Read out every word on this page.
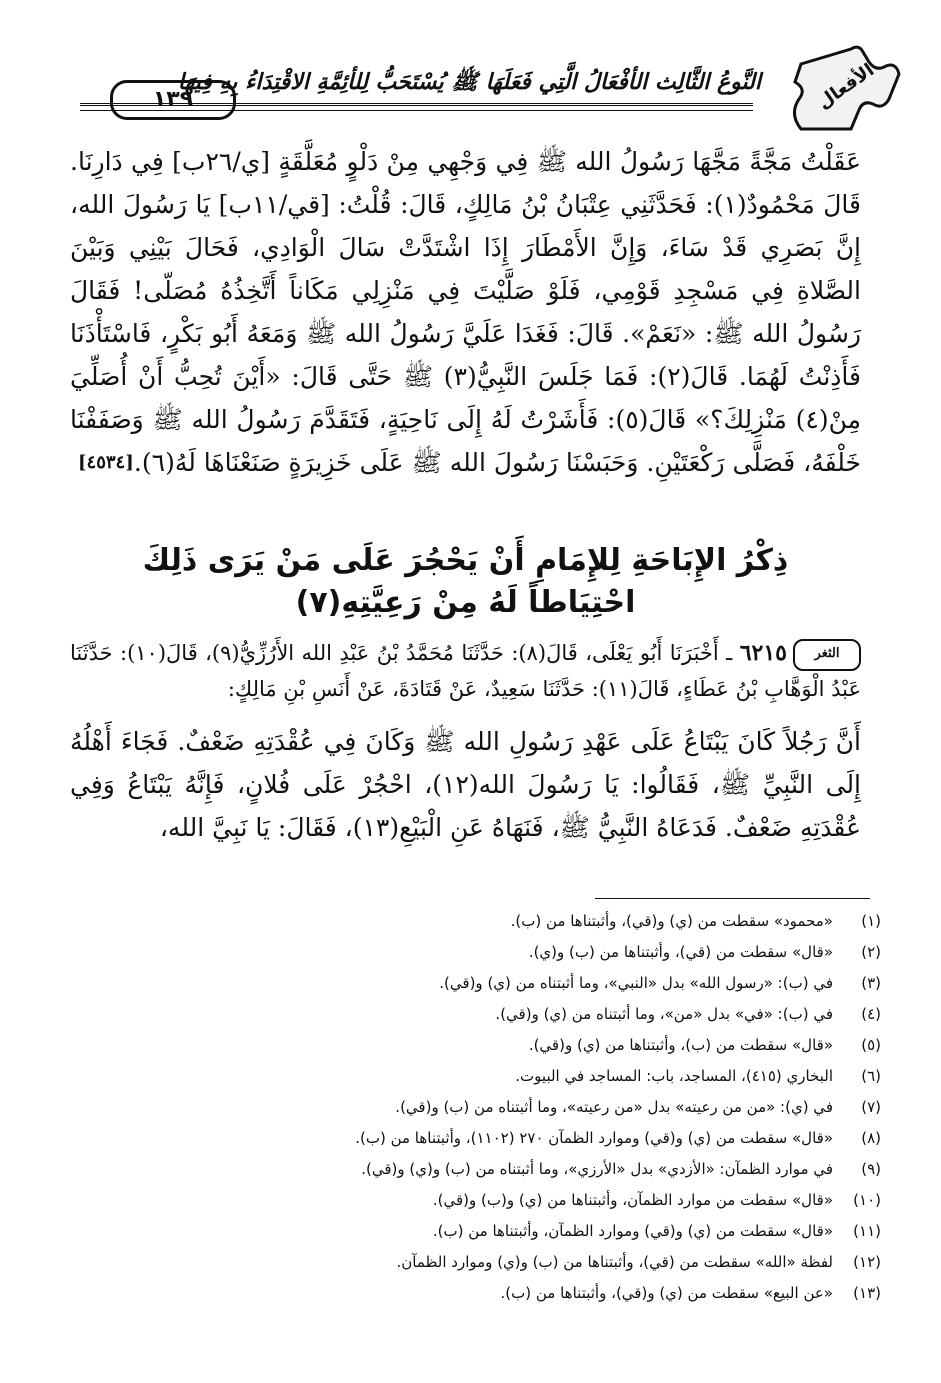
النَّوعُ الثَّالِث الأفْعَالُ الَّتِي فَعَلَهَا ﷺ يُسْتَحَبُّ لِلأئِمَّةِ الاقْتِدَاءُ بِهِ فِيهَا
١٣٩	الأفعال

عَقَلْتُ مَجَّةً مَجَّهَا رَسُولُ الله ﷺ فِي وَجْهِي مِنْ دَلْوٍ مُعَلَّقَةٍ [ي/٢٦ب] فِي دَارِنَا. قَالَ مَحْمُودٌ(١): فَحَدَّثَنِي عِتْبَانُ بْنُ مَالِكٍ، قَالَ: قُلْتُ: [قي/١١ب] يَا رَسُولَ الله، إِنَّ بَصَرِي قَدْ سَاءَ، وَإِنَّ الأَمْطَارَ إِذَا اشْتَدَّتْ سَالَ الْوَادِي، فَحَالَ بَيْنِي وَبَيْنَ الصَّلاةِ فِي مَسْجِدِ قَوْمِي، فَلَوْ صَلَّيْتَ فِي مَنْزِلِي مَكَاناً أَتَّخِذُهُ مُصَلّى! فَقَالَ رَسُولُ الله ﷺ: «نَعَمْ». قَالَ: فَغَدَا عَلَيَّ رَسُولُ الله ﷺ وَمَعَهُ أَبُو بَكْرٍ، فَاسْتَأْذَنَا فَأَذِنْتُ لَهُمَا. قَالَ(٢): فَمَا جَلَسَ النَّبِيُّ(٣) ﷺ حَتَّى قَالَ: «أَيْنَ تُحِبُّ أَنْ أُصَلِّيَ مِنْ(٤) مَنْزِلِكَ؟» قَالَ(٥): فَأَشَرْتُ لَهُ إِلَى نَاحِيَةٍ، فَتَقَدَّمَ رَسُولُ الله ﷺ وَصَفَفْنَا خَلْفَهُ، فَصَلَّى رَكْعَتَيْنِ. وَحَبَسْنَا رَسُولَ الله ﷺ عَلَى خَزِيرَةٍ صَنَعْنَاهَا لَهُ(٦).
[٤٥٣٤]

ذِكْرُ الإِبَاحَةِ لِلإِمَامِ أَنْ يَحْجُرَ عَلَى مَنْ يَرَى ذَلِكَ
احْتِيَاطاً لَهُ مِنْ رَعِيَّتِهِ(٧)
الثغر٦٢١٥ ـ أَخْبَرَنَا أَبُو يَعْلَى، قَالَ(٨): حَدَّثَنَا مُحَمَّدُ بْنُ عَبْدِ الله الأَرُزِّيُّ(٩)، قَالَ(١٠): حَدَّثَنَا عَبْدُ الْوَهَّابِ بْنُ عَطَاءٍ، قَالَ(١١): حَدَّثَنَا سَعِيدٌ، عَنْ قَتَادَةَ، عَنْ أَنَسِ بْنِ مَالِكٍ:
أَنَّ رَجُلاً كَانَ يَبْتَاعُ عَلَى عَهْدِ رَسُولِ الله ﷺ وَكَانَ فِي عُقْدَتِهِ ضَعْفٌ. فَجَاءَ أَهْلُهُ إِلَى النَّبِيِّ ﷺ، فَقَالُوا: يَا رَسُولَ الله(١٢)، احْجُرْ عَلَى فُلانٍ، فَإِنَّهُ يَبْتَاعُ وَفِي عُقْدَتِهِ ضَعْفٌ. فَدَعَاهُ النَّبِيُّ ﷺ، فَنَهَاهُ عَنِ الْبَيْعِ(١٣)، فَقَالَ: يَا نَبِيَّ الله،
(١)
«محمود» سقطت من (ي) و(قي)، وأثبتناها من (ب).
(٢)
«قال» سقطت من (قي)، وأثبتناها من (ب) و(ي).
(٣)
في (ب): «رسول الله» بدل «النبي»، وما أثبتناه من (ي) و(قي).
(٤)
في (ب): «في» بدل «من»، وما أثبتناه من (ي) و(قي).
(٥)
«قال» سقطت من (ب)، وأثبتناها من (ي) و(قي).
(٦)
البخاري (٤١٥)، المساجد، باب: المساجد في البيوت.
(٧)
في (ي): «من من رعيته» بدل «من رعيته»، وما أثبتناه من (ب) و(قي).
(٨)
«قال» سقطت من (ي) و(قي) وموارد الظمآن ٢٧٠ (١١٠٢)، وأثبتناها من (ب).
(٩)
في موارد الظمآن: «الأزدي» بدل «الأرزي»، وما أثبتناه من (ب) و(ي) و(قي).
(١٠)
«قال» سقطت من موارد الظمآن، وأثبتناها من (ي) و(ب) و(قي).
(١١)
«قال» سقطت من (ي) و(قي) وموارد الظمآن، وأثبتناها من (ب).
(١٢)
لفظة «الله» سقطت من (قي)، وأثبتناها من (ب) و(ي) وموارد الظمآن.
(١٣)
«عن البيع» سقطت من (ي) و(قي)، وأثبتناها من (ب).
